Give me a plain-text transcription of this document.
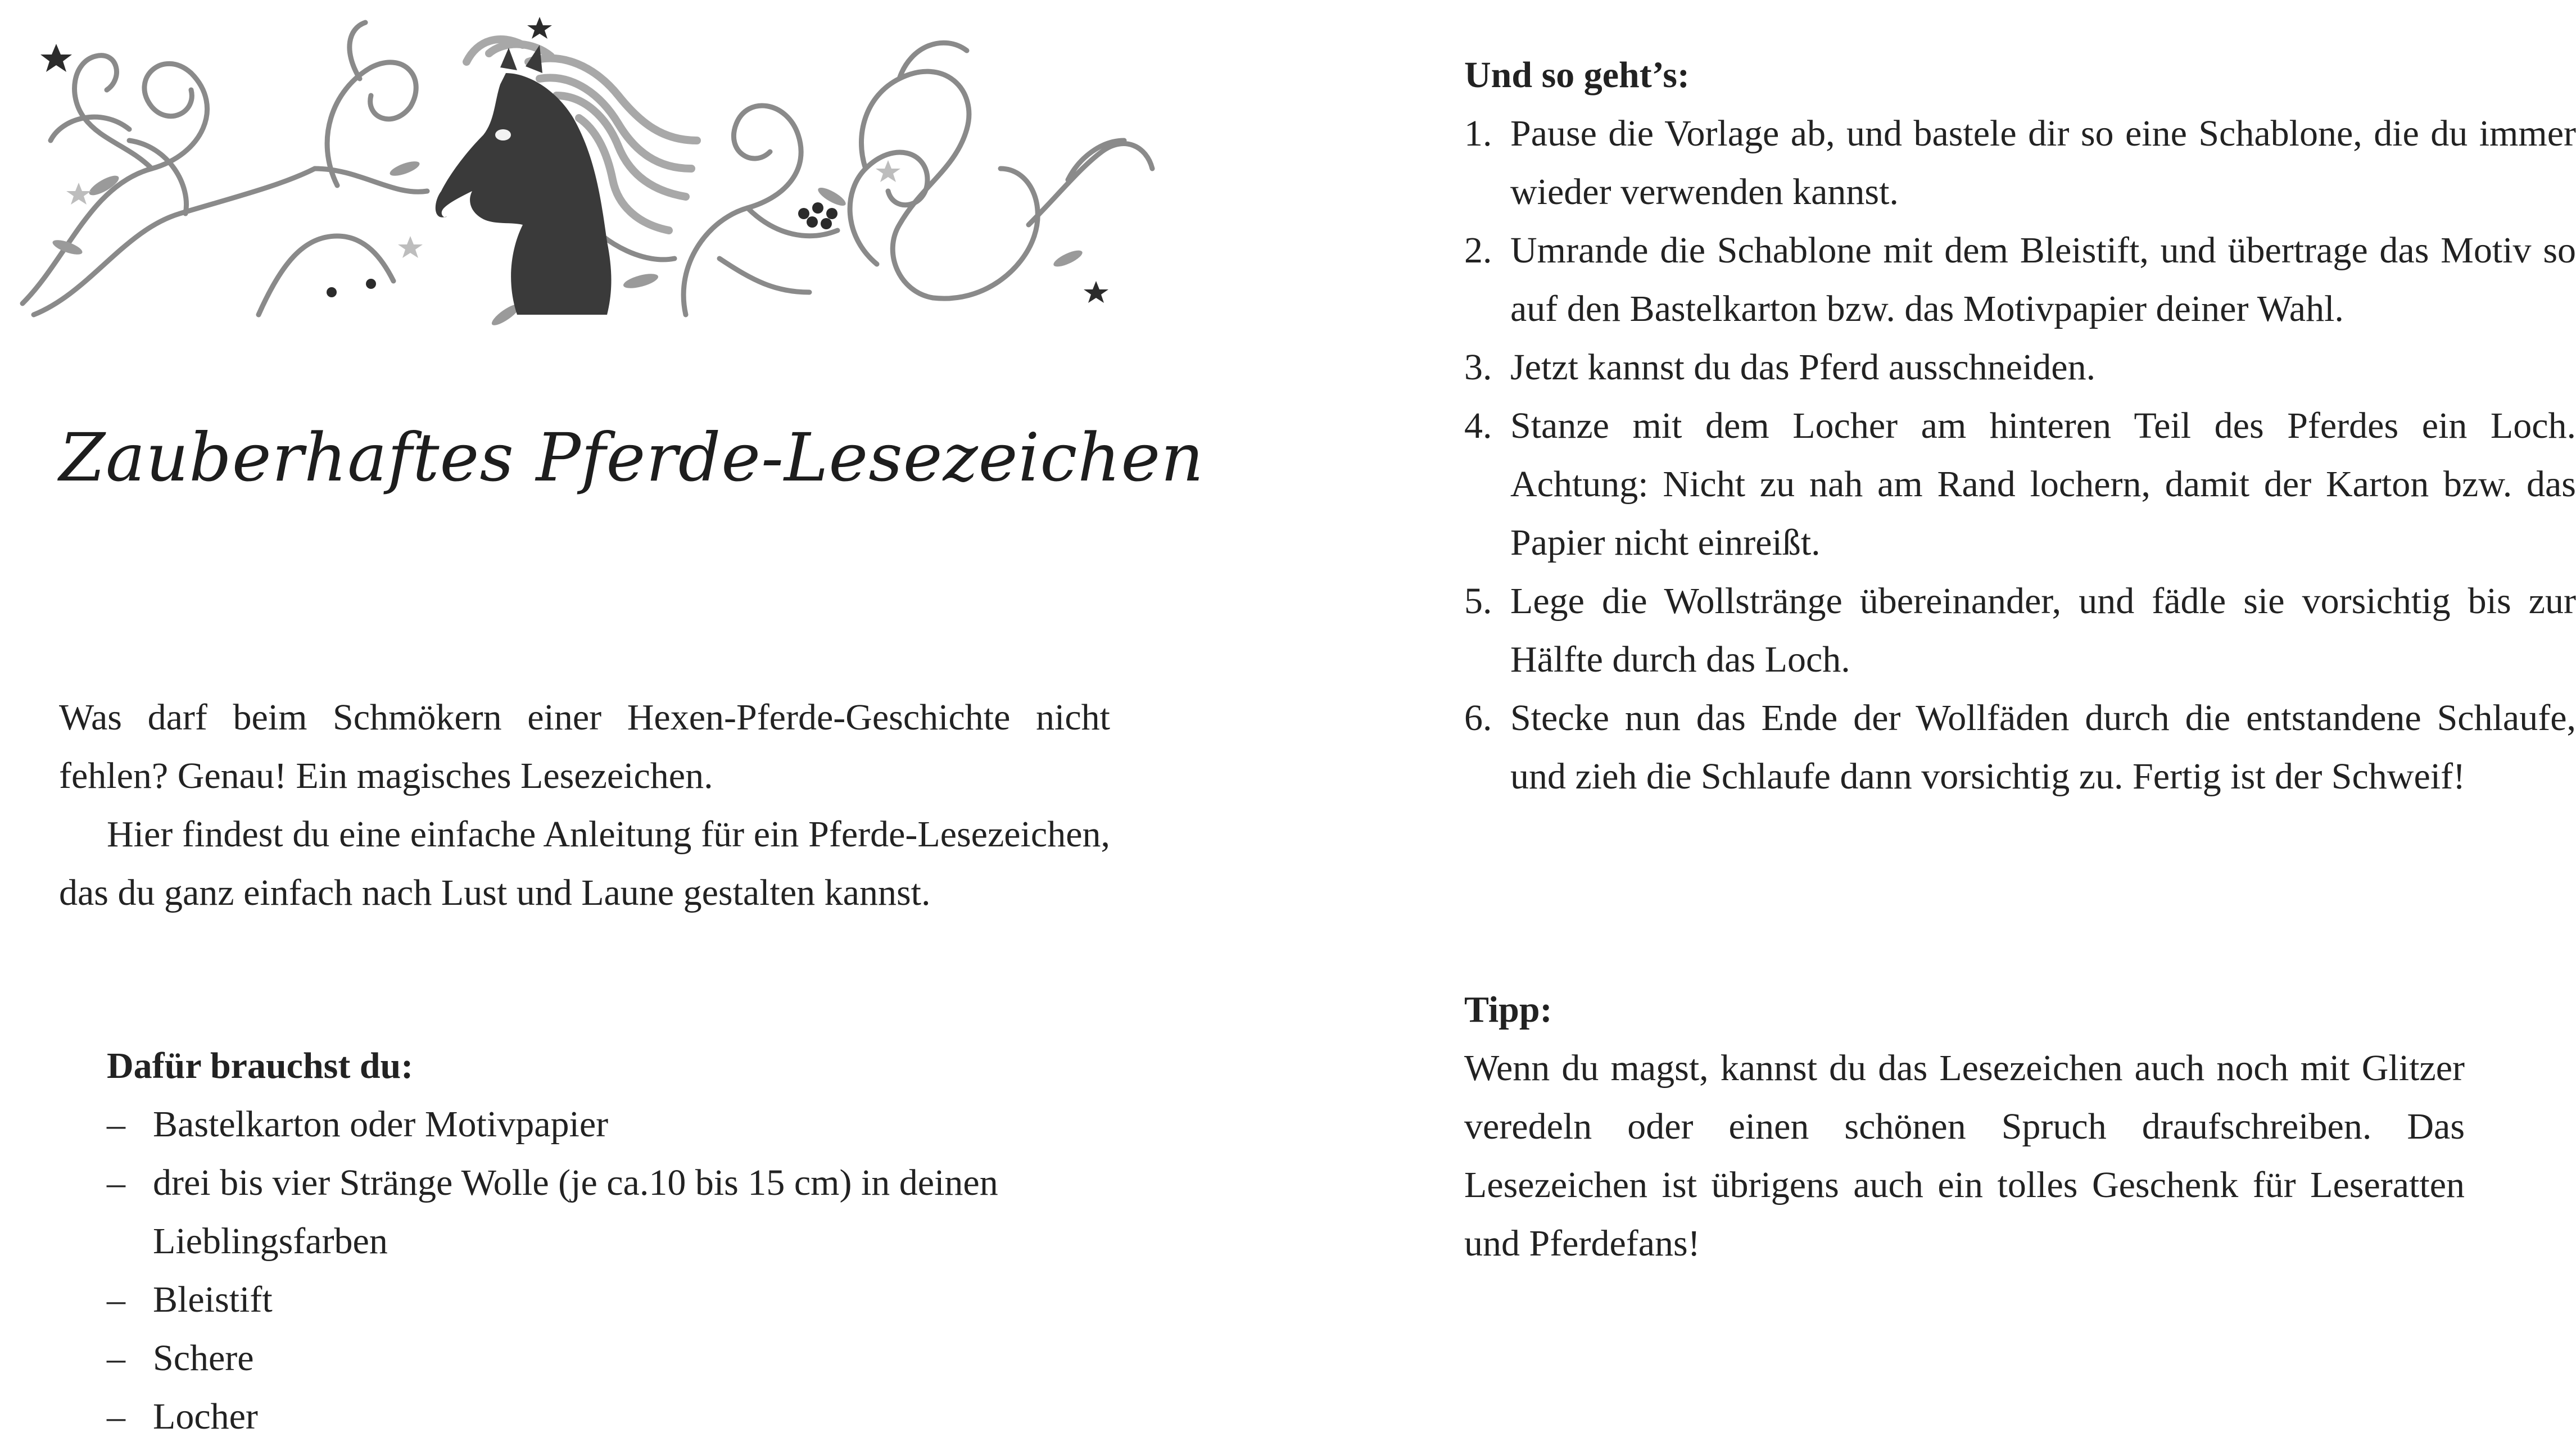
Zauberhaftes Pferde-Lesezeichen

Was darf beim Schmökern einer Hexen-Pferde-Geschichte nicht fehlen? Genau! Ein magisches Lesezeichen.

Hier findest du eine einfache Anleitung für ein Pferde-Lesezeichen, das du ganz einfach nach Lust und Laune gestalten kannst.

Dafür brauchst du:

– Bastelkarton oder Motivpapier
– drei bis vier Stränge Wolle (je ca.10 bis 15 cm) in deinen Lieblingsfarben
– Bleistift
– Schere
– Locher

Und so geht’s:

1. Pause die Vorlage ab, und bastele dir so eine Schablone, die du immer wieder verwenden kannst.
2. Umrande die Schablone mit dem Bleistift, und übertrage das Motiv so auf den Bastelkarton bzw. das Motivpapier deiner Wahl.
3. Jetzt kannst du das Pferd ausschneiden.
4. Stanze mit dem Locher am hinteren Teil des Pferdes ein Loch. Achtung: Nicht zu nah am Rand lochern, damit der Karton bzw. das Papier nicht einreißt.
5. Lege die Wollstränge übereinander, und fädle sie vorsichtig bis zur Hälfte durch das Loch.
6. Stecke nun das Ende der Wollfäden durch die entstandene Schlaufe, und zieh die Schlaufe dann vorsichtig zu. Fertig ist der Schweif!

Tipp:

Wenn du magst, kannst du das Lesezeichen auch noch mit Glitzer veredeln oder einen schönen Spruch draufschreiben. Das Lesezeichen ist übrigens auch ein tolles Geschenk für Leseratten und Pferdefans!
